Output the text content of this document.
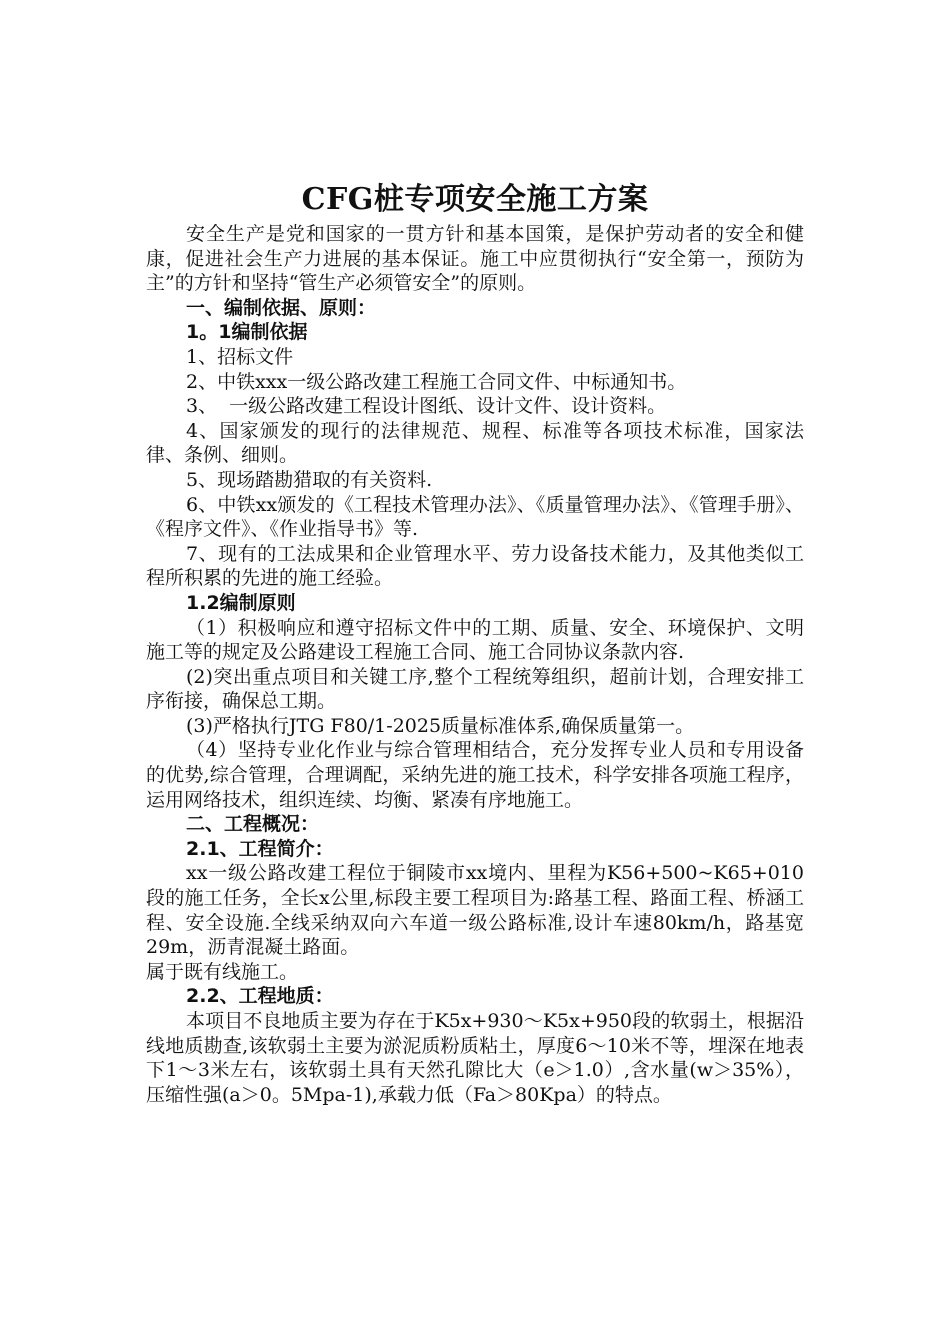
CFG桩专项安全施工方案

安全生产是党和国家的一贯方针和基本国策，是保护劳动者的安全和健康，促进社会生产力进展的基本保证。施工中应贯彻执行“安全第一，预防为主”的方针和坚持“管生产必须管安全”的原则。

一、编制依据、原则：

1。1编制依据

1、招标文件

2、中铁xxx一级公路改建工程施工合同文件、中标通知书。

3、  一级公路改建工程设计图纸、设计文件、设计资料。

4、国家颁发的现行的法律规范、规程、标准等各项技术标准，国家法律、条例、细则。

5、现场踏勘猎取的有关资料.

6、中铁xx颁发的《工程技术管理办法》、《质量管理办法》、《管理手册》、《程序文件》、《作业指导书》等.

7、现有的工法成果和企业管理水平、劳力设备技术能力，及其他类似工程所积累的先进的施工经验。

1.2编制原则

（1）积极响应和遵守招标文件中的工期、质量、安全、环境保护、文明施工等的规定及公路建设工程施工合同、施工合同协议条款内容.

(2)突出重点项目和关键工序,整个工程统筹组织，超前计划，合理安排工序衔接，确保总工期。

(3)严格执行JTG F80/1-2025质量标准体系,确保质量第一。

（4）坚持专业化作业与综合管理相结合，充分发挥专业人员和专用设备的优势,综合管理，合理调配，采纳先进的施工技术，科学安排各项施工程序，运用网络技术，组织连续、均衡、紧凑有序地施工。

二、工程概况：

2.1、工程简介：

xx一级公路改建工程位于铜陵市xx境内、里程为K56+500~K65+010段的施工任务，全长x公里,标段主要工程项目为:路基工程、路面工程、桥涵工程、安全设施.全线采纳双向六车道一级公路标准,设计车速80km/h，路基宽29m，沥青混凝土路面。

属于既有线施工。

2.2、工程地质：

本项目不良地质主要为存在于K5x+930～K5x+950段的软弱土，根据沿线地质勘查,该软弱土主要为淤泥质粉质粘土，厚度6～10米不等，埋深在地表下1～3米左右，该软弱土具有天然孔隙比大（e＞1.0）,含水量(w＞35%），压缩性强(a＞0。5Mpa-1),承载力低（Fa＞80Kpa）的特点。
